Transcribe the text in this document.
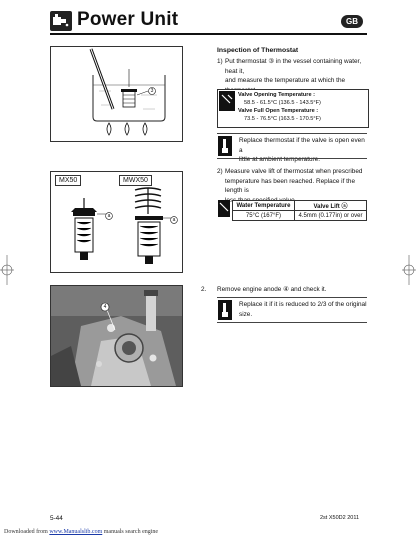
Power Unit	GB
3
MX50	MWX50
a
a
4
Inspection of Thermostat
1) Put thermostat ③ in the vessel containing water, heat it,
and measure the temperature at which the
Valve Opening Temperature :
58.5 - 61.5°C (136.5 - 143.5°F)
Valve Full Open Temperature :
73.5 - 76.5°C (163.5 - 170.5°F)
Replace thermostat if the valve is open even a
little at ambient temperature.
2) Measure valve lift of thermostat when prescribed
temperature has been reached. Replace if the length is
less
Water Temperature	Valve Lift ⓐ
75°C (167°F)	4.5mm (0.177in) or over
2. Remove engine anode ④ and check it.
Replace it if it is reduced to 2/3 of the original
size.
5-44	2st X50D2 2011
Downloaded from www.Manualslib.com manuals search engine
